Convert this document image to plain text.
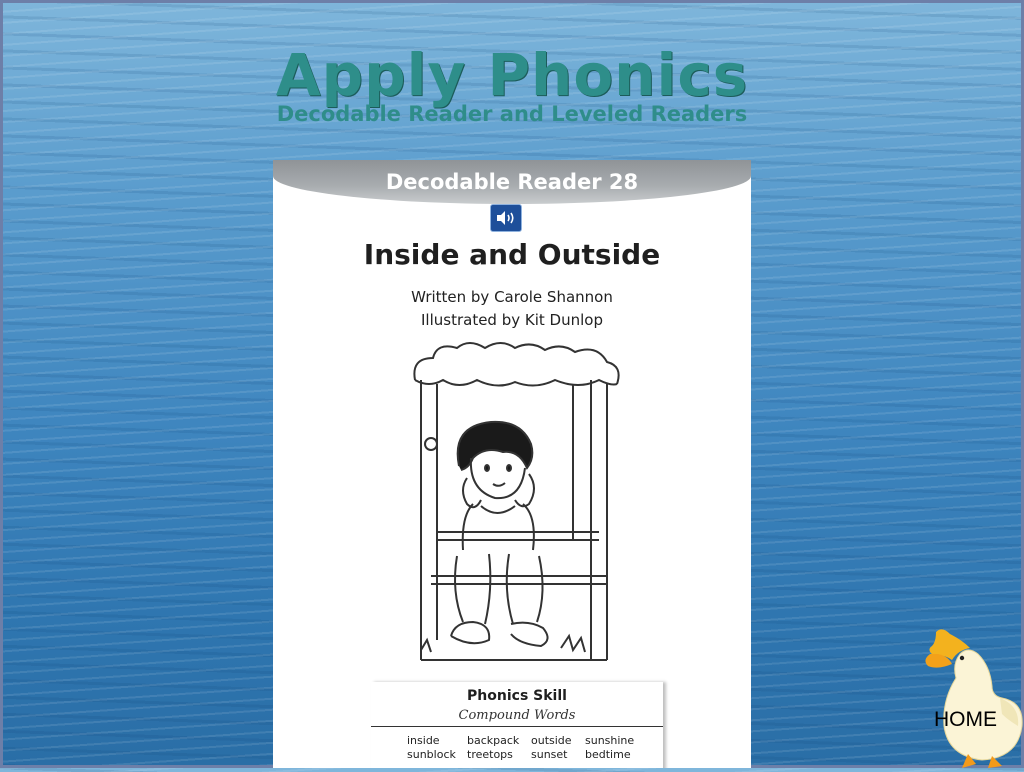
Apply Phonics
Decodable Reader and Leveled Readers
Decodable Reader 28
Inside and Outside
Written by Carole Shannon
Illustrated by Kit Dunlop
Phonics Skill
Compound Words
inside	backpack	outside	sunshine
sunblock	treetops	sunset	bedtime
HOME
